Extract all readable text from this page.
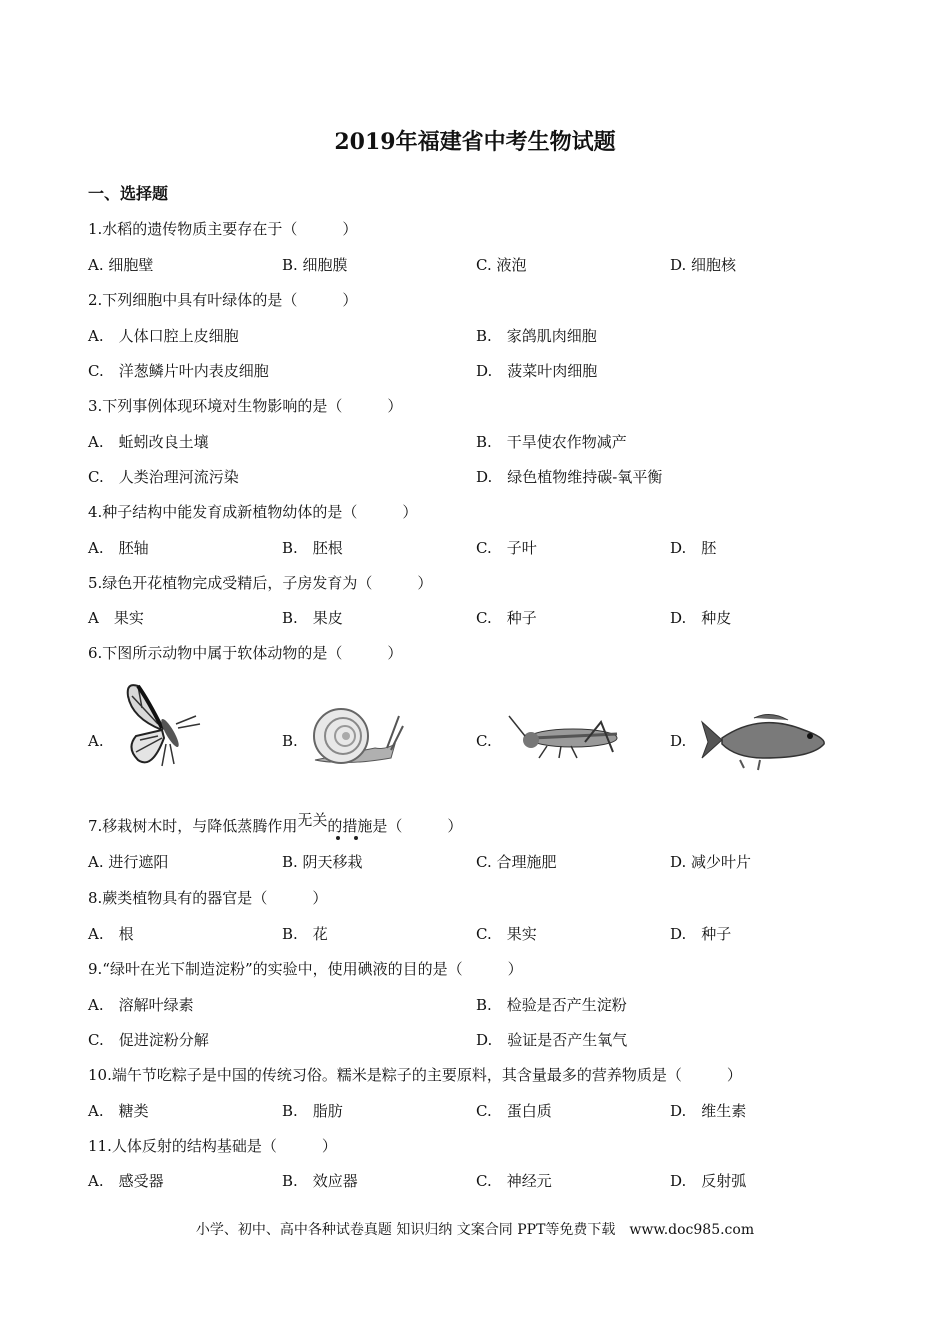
2019年福建省中考生物试题
一、选择题
1.水稻的遗传物质主要存在于（　　　）
A. 细胞壁	B. 细胞膜	C. 液泡	D. 细胞核
2.下列细胞中具有叶绿体的是（　　　）
A.　人体口腔上皮细胞	B.　家鸽肌肉细胞
C.　洋葱鳞片叶内表皮细胞	D.　菠菜叶肉细胞
3.下列事例体现环境对生物影响的是（　　　）
A.　蚯蚓改良土壤	B.　干旱使农作物减产
C.　人类治理河流污染	D.　绿色植物维持碳-氧平衡
4.种子结构中能发育成新植物幼体的是（　　　）
A.　胚轴	B.　胚根	C.　子叶	D.　胚
5.绿色开花植物完成受精后，子房发育为（　　　）
A　果实	B.　果皮	C.　种子	D.　种皮
6.下图所示动物中属于软体动物的是（　　　）
A.	B.	C.	D.
7.移栽树木时，与降低蒸腾作用无关的措施是（　　　）
A. 进行遮阳	B. 阴天移栽	C. 合理施肥	D. 减少叶片
8.蕨类植物具有的器官是（　　　）
A.　根	B.　花	C.　果实	D.　种子
9.“绿叶在光下制造淀粉”的实验中，使用碘液的目的是（　　　）
A.　溶解叶绿素	B.　检验是否产生淀粉
C.　促进淀粉分解	D.　验证是否产生氧气
10.端午节吃粽子是中国的传统习俗。糯米是粽子的主要原料，其含量最多的营养物质是（　　　）
A.　糖类	B.　脂肪	C.　蛋白质	D.　维生素
11.人体反射的结构基础是（　　　）
A.　感受器	B.　效应器	C.　神经元	D.　反射弧
小学、初中、高中各种试卷真题 知识归纳 文案合同 PPT等免费下载　www.doc985.com
